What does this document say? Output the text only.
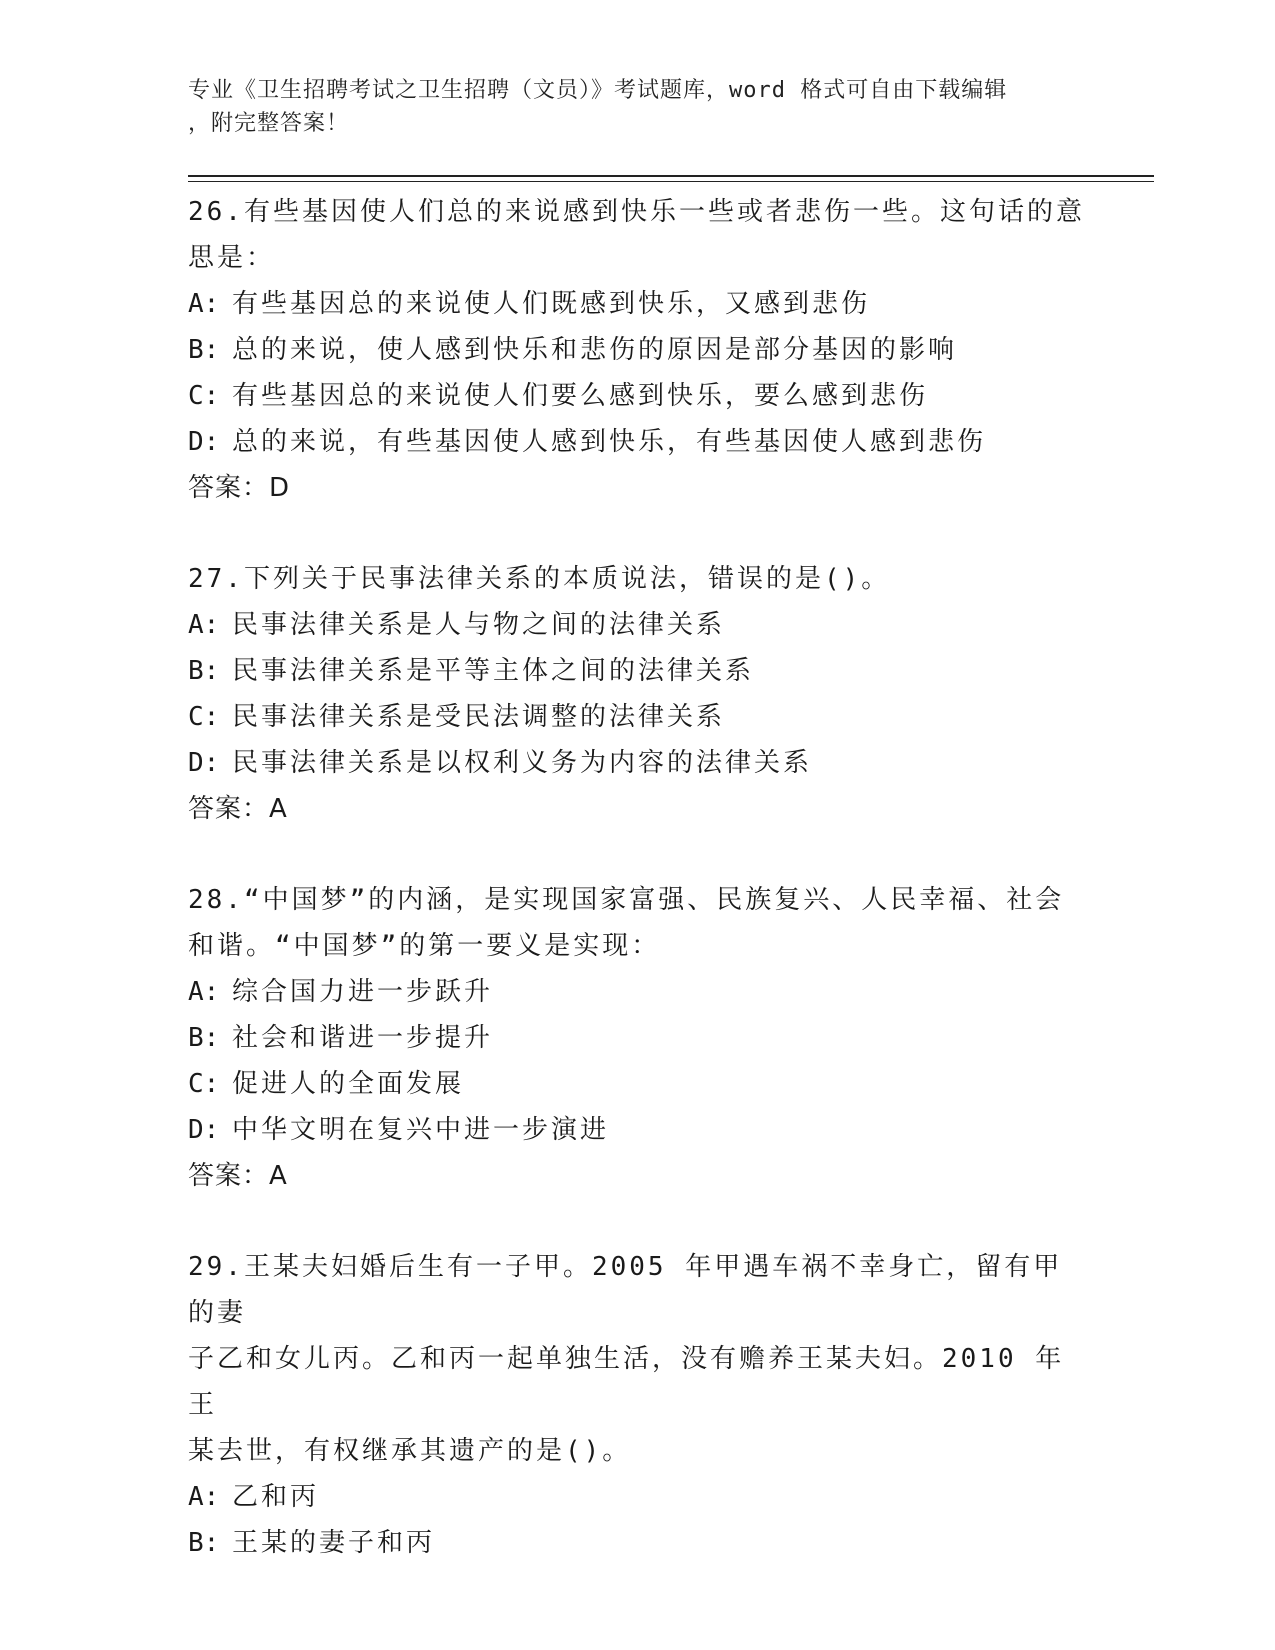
专业《卫生招聘考试之卫生招聘（文员）》考试题库，word 格式可自由下载编辑
，附完整答案！
26.有些基因使人们总的来说感到快乐一些或者悲伤一些。这句话的意
思是：
A: 有些基因总的来说使人们既感到快乐，又感到悲伤
B: 总的来说，使人感到快乐和悲伤的原因是部分基因的影响
C: 有些基因总的来说使人们要么感到快乐，要么感到悲伤
D: 总的来说，有些基因使人感到快乐，有些基因使人感到悲伤
答案：D
27.下列关于民事法律关系的本质说法，错误的是()。
A: 民事法律关系是人与物之间的法律关系
B: 民事法律关系是平等主体之间的法律关系
C: 民事法律关系是受民法调整的法律关系
D: 民事法律关系是以权利义务为内容的法律关系
答案：A
28.“中国梦”的内涵，是实现国家富强、民族复兴、人民幸福、社会
和谐。“中国梦”的第一要义是实现：
A: 综合国力进一步跃升
B: 社会和谐进一步提升
C: 促进人的全面发展
D: 中华文明在复兴中进一步演进
答案：A
29.王某夫妇婚后生有一子甲。2005 年甲遇车祸不幸身亡，留有甲的妻
子乙和女儿丙。乙和丙一起单独生活，没有赡养王某夫妇。2010 年王
某去世，有权继承其遗产的是()。
A: 乙和丙
B: 王某的妻子和丙
